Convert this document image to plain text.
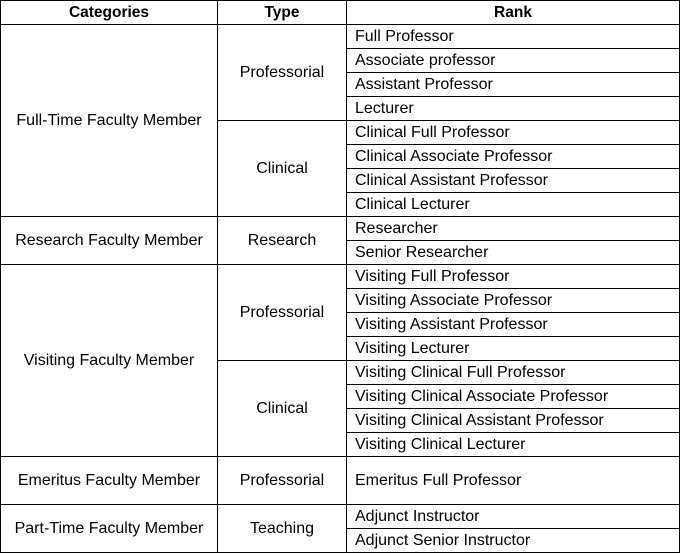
Categories	Type	Rank
Full-Time Faculty Member	Professorial	Full Professor
		Associate professor
		Assistant Professor
		Lecturer
	Clinical	Clinical Full Professor
		Clinical Associate Professor
		Clinical Assistant Professor
		Clinical Lecturer
Research Faculty Member	Research	Researcher
		Senior Researcher
Visiting Faculty Member	Professorial	Visiting Full Professor
		Visiting Associate Professor
		Visiting Assistant Professor
		Visiting Lecturer
	Clinical	Visiting Clinical Full Professor
		Visiting Clinical Associate Professor
		Visiting Clinical Assistant Professor
		Visiting Clinical Lecturer
Emeritus Faculty Member	Professorial	Emeritus Full Professor
Part-Time Faculty Member	Teaching	Adjunct Instructor
		Adjunct Senior Instructor
